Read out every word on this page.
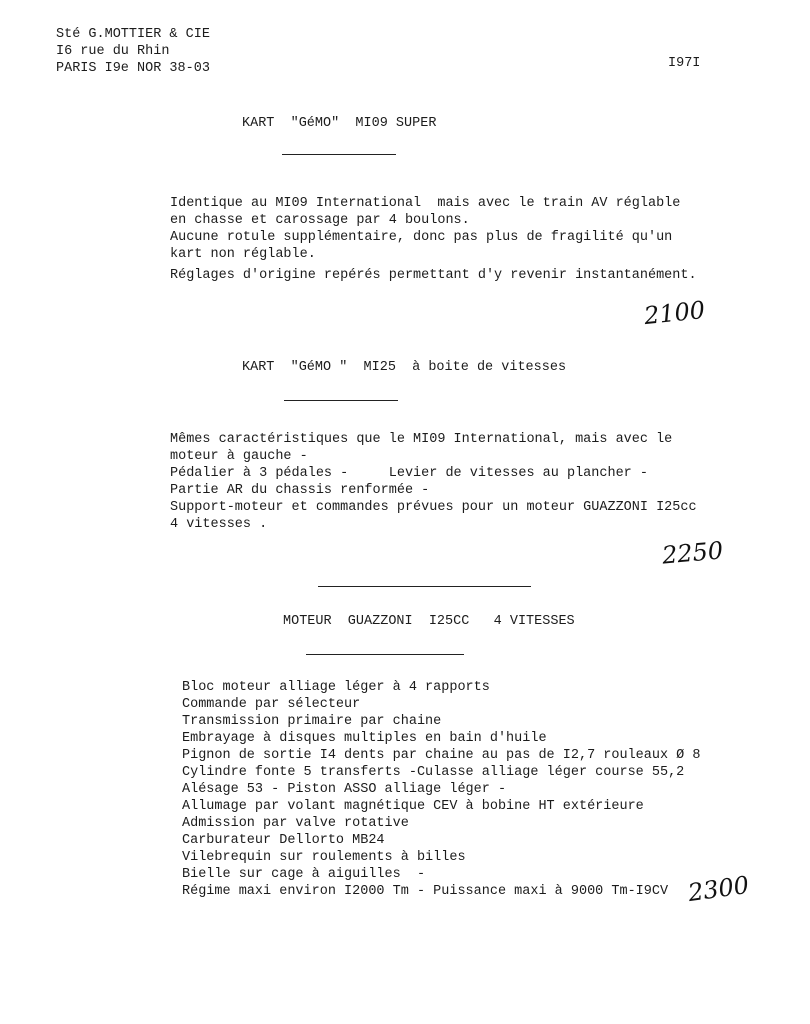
Sté G.MOTTIER & CIE
I6 rue du Rhin
PARIS I9e NOR 38-03	I97I
KART  "GéMO"  MI09 SUPER
Identique au MI09 International  mais avec le train AV réglable
en chasse et carossage par 4 boulons.
Aucune rotule supplémentaire, donc pas plus de fragilité qu'un
kart non réglable.
Réglages d'origine repérés permettant d'y revenir instantanément.
2100
KART  "GéMO "  MI25  à boite de vitesses
Mêmes caractéristiques que le MI09 International, mais avec le
moteur à gauche -
Pédalier à 3 pédales -     Levier de vitesses au plancher -
Partie AR du chassis renformée -
Support-moteur et commandes prévues pour un moteur GUAZZONI I25cc
4 vitesses .
2250
MOTEUR  GUAZZONI  I25CC   4 VITESSES
Bloc moteur alliage léger à 4 rapports
Commande par sélecteur
Transmission primaire par chaine
Embrayage à disques multiples en bain d'huile
Pignon de sortie I4 dents par chaine au pas de I2,7 rouleaux Ø 8
Cylindre fonte 5 transferts -Culasse alliage léger course 55,2
Alésage 53 - Piston ASSO alliage léger -
Allumage par volant magnétique CEV à bobine HT extérieure
Admission par valve rotative
Carburateur Dellorto MB24
Vilebrequin sur roulements à billes
Bielle sur cage à aiguilles  -
Régime maxi environ I2000 Tm - Puissance maxi à 9000 Tm-I9CV 2300
